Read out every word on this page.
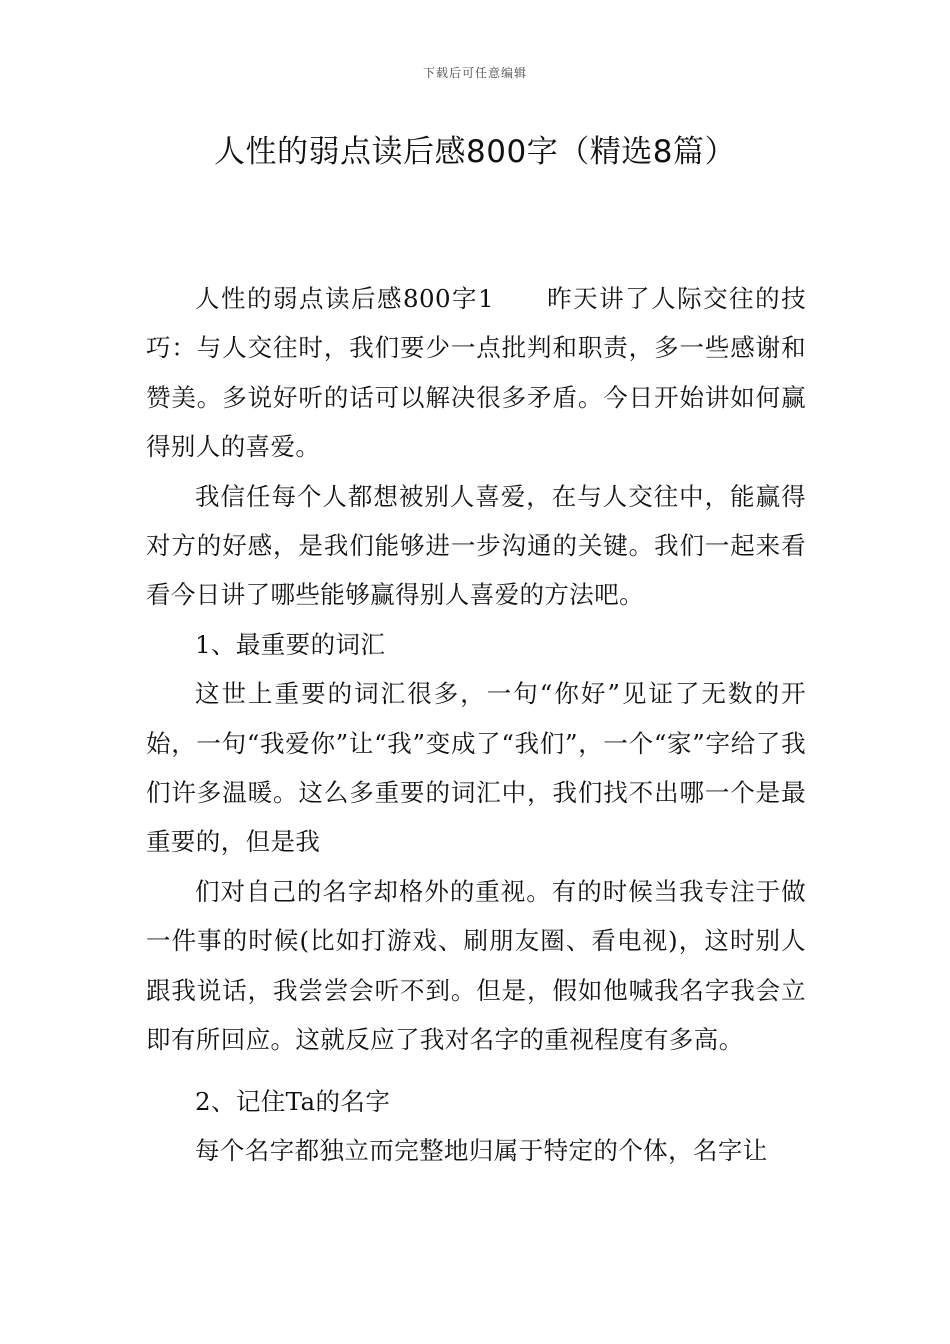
下载后可任意编辑
人性的弱点读后感800字（精选8篇）

人性的弱点读后感800字1　　昨天讲了人际交往的技巧：与人交往时，我们要少一点批判和职责，多一些感谢和赞美。多说好听的话可以解决很多矛盾。今日开始讲如何赢得别人的喜爱。

我信任每个人都想被别人喜爱，在与人交往中，能赢得对方的好感，是我们能够进一步沟通的关键。我们一起来看看今日讲了哪些能够赢得别人喜爱的方法吧。

1、最重要的词汇

这世上重要的词汇很多，一句“你好”见证了无数的开始，一句“我爱你”让“我”变成了“我们”，一个“家”字给了我们许多温暖。这么多重要的词汇中，我们找不出哪一个是最重要的，但是我

们对自己的名字却格外的重视。有的时候当我专注于做一件事的时候(比如打游戏、刷朋友圈、看电视)，这时别人跟我说话，我尝尝会听不到。但是，假如他喊我名字我会立即有所回应。这就反应了我对名字的重视程度有多高。

2、记住Ta的名字

每个名字都独立而完整地归属于特定的个体，名字让
